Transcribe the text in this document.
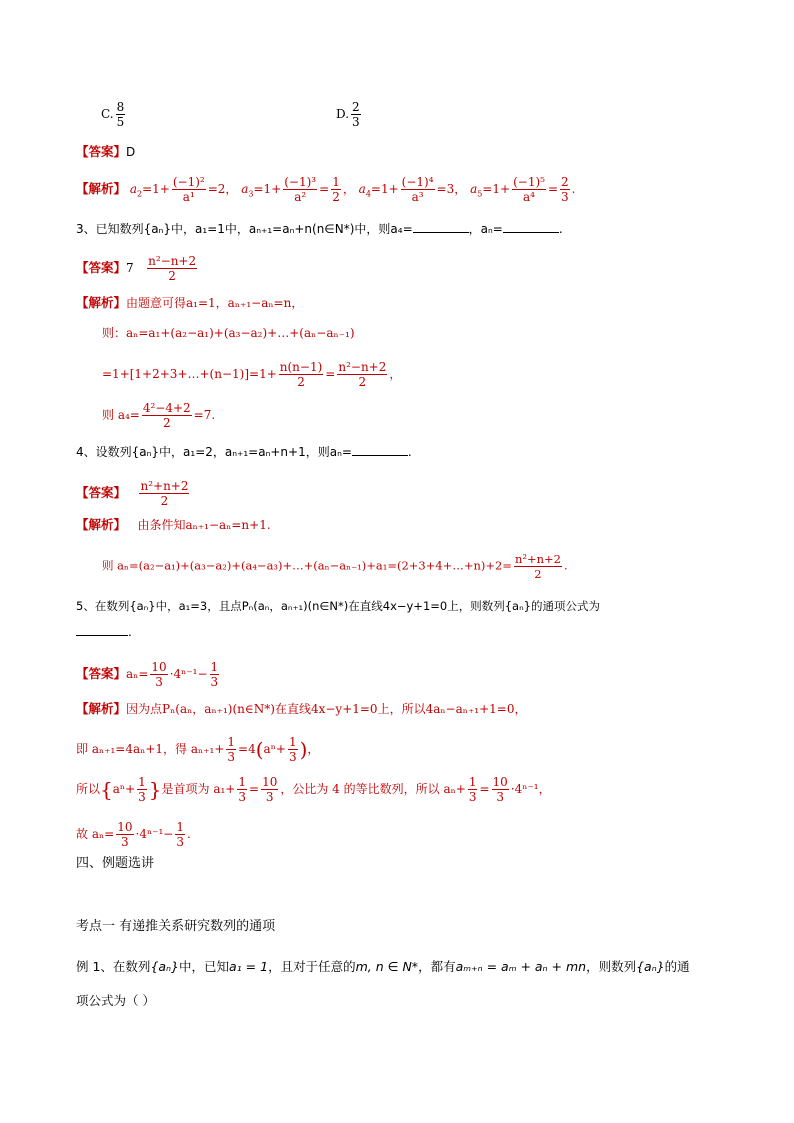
C. $\frac{8}{5}$	D. $\frac{2}{3}$
【答案】D
【解析】 $a_2=1+ \frac{\text{(−1)²}}{\text{a¹}} =2$， $a_3=1+ \frac{\text{(−1)³}}{\text{a²}} = \frac{1}{2}$ ， $a_4=1+ \frac{\text{(−1)⁴}}{\text{a³}} =3$， $a_5=1+ \frac{\text{(−1)⁵}}{\text{a⁴}} = \frac{2}{3}$ .
3、已知数列{aₙ}中，a₁=1中，aₙ₊₁=aₙ+n(n∈N*)中，则a₄=	，aₙ=	.
【答案】$7 \frac{\text{n²−n+2}}{2}$
【解析】由题意可得a₁=1，aₙ₊₁−aₙ=n，
则：aₙ=a₁+(a₂−a₁)+(a₃−a₂)+…+(aₙ−aₙ₋₁)
=1+[1+2+3+…+(n−1)]=1+ $\frac{n(n-1)}{2} = \frac{\text{n²−n+2}}{2}$ ，
则 $a_4= \frac{\text{4²−4+2}}{2} =7$.
4、设数列{aₙ}中，a₁=2，aₙ₊₁=aₙ+n+1，则aₙ=	.
【答案】 $\frac{\text{n²+n+2}}{2}$
【解析】 由条件知aₙ₊₁−aₙ=n+1.
则 aₙ=(a₂−a₁)+(a₃−a₂)+(a₄−a₃)+…+(aₙ−aₙ₋₁)+a₁=(2+3+4+…+n)+2= $\frac{\text{n²+n+2}}{2}$ .
5、在数列{aₙ}中，a₁=3，且点Pₙ(aₙ，aₙ₊₁)(n∈N*)在直线4x−y+1=0上，则数列{aₙ}的通项公式为
.
【答案】$a_n= \frac{10}{3} \cdot 4^{n-1}- \frac{1}{3}$
【解析】因为点Pₙ(aₙ，aₙ₊₁)(n∈N*)在直线4x−y+1=0上，所以4aₙ−aₙ₊₁+1=0，
即 aₙ₊₁=4aₙ+1，得 $a_{n+1}+ \frac{1}{3} =4(a^n+ \frac{1}{3}$ )，
所以{$a^n+ \frac{1}{3}$ }是首项为 $a_1+ \frac{1}{3} = \frac{10}{3}$ ，公比为 4 的等比数列，所以 $a_n+ \frac{1}{3} = \frac{10}{3} \cdot 4^{n-1}$，
故 $a_n= \frac{10}{3} \cdot 4^{n-1}- \frac{1}{3}$ .
四、例题选讲
考点一 有递推关系研究数列的通项
例 1、在数列{aₙ}中，已知a₁ = 1，且对于任意的m, n ∈ N*，都有aₘ₊ₙ = aₘ + aₙ + mn，则数列{aₙ}的通
项公式为（ ）
